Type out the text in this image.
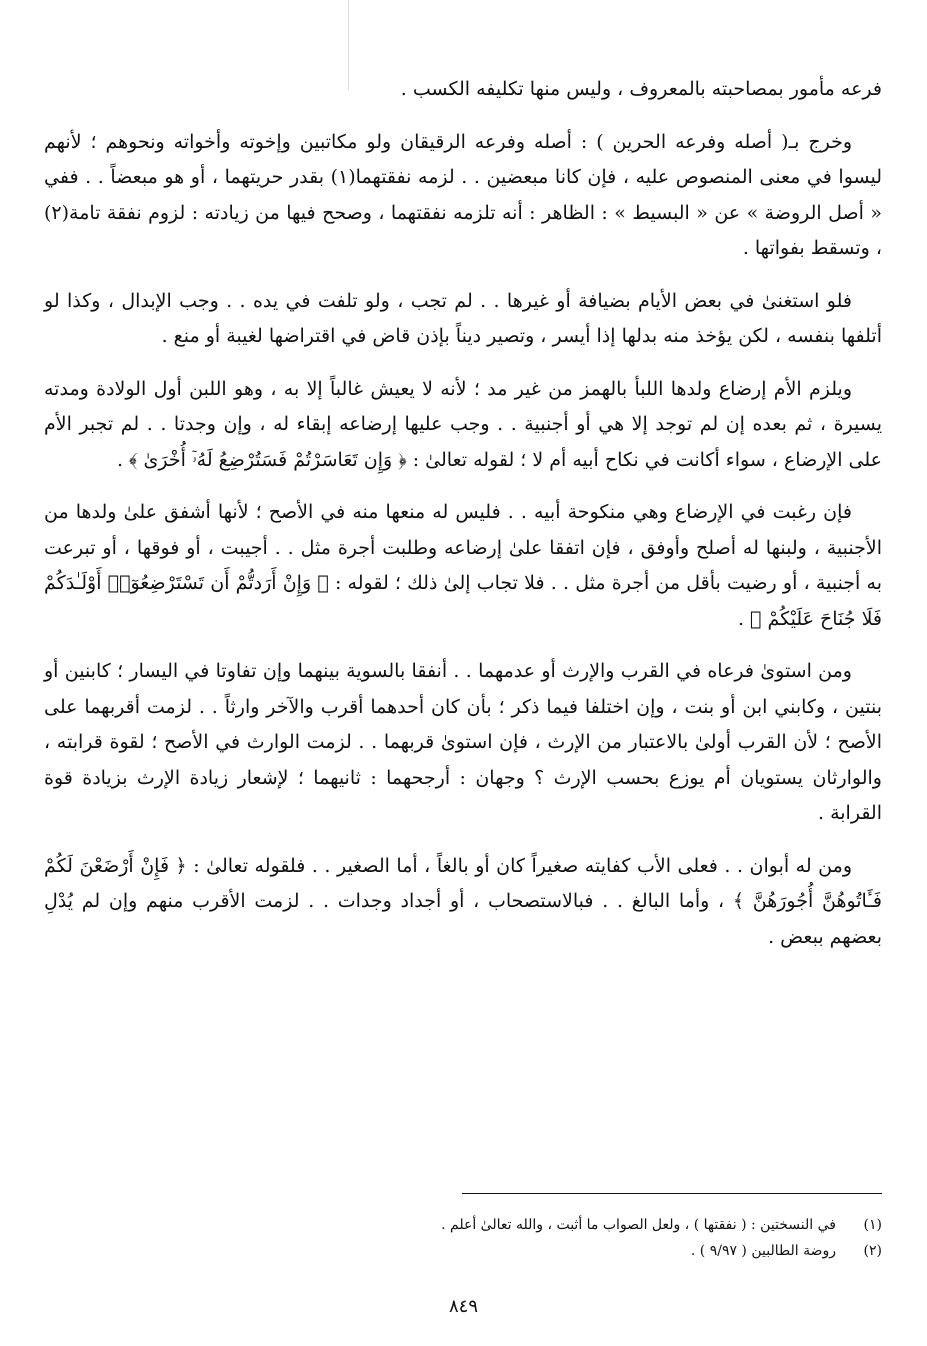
فرعه مأمور بمصاحبته بالمعروف ، وليس منها تكليفه الكسب .

وخرج بـ( أصله وفرعه الحرين ) : أصله وفرعه الرقيقان ولو مكاتبين وإخوته وأخواته ونحوهم ؛ لأنهم ليسوا في معنى المنصوص عليه ، فإن كانا مبعضين . . لزمه نفقتهما(١) بقدر حريتهما ، أو هو مبعضاً . . ففي « أصل الروضة » عن « البسيط » : الظاهر : أنه تلزمه نفقتهما ، وصحح فيها من زيادته : لزوم نفقة تامة(٢) ، وتسقط بفواتها .

فلو استغنىٰ في بعض الأيام بضيافة أو غيرها . . لم تجب ، ولو تلفت في يده . . وجب الإبدال ، وكذا لو أتلفها بنفسه ، لكن يؤخذ منه بدلها إذا أيسر ، وتصير ديناً بإذن قاض في اقتراضها لغيبة أو منع .

ويلزم الأم إرضاع ولدها اللبأ بالهمز من غير مد ؛ لأنه لا يعيش غالباً إلا به ، وهو اللبن أول الولادة ومدته يسيرة ، ثم بعده إن لم توجد إلا هي أو أجنبية . . وجب عليها إرضاعه إبقاء له ، وإن وجدتا . . لم تجبر الأم على الإرضاع ، سواء أكانت في نكاح أبيه أم لا ؛ لقوله تعالىٰ : ﴿ وَإِن تَعَاسَرْتُمْ فَسَتُرْضِعُ لَهُۥٓ أُخْرَىٰ ﴾ .

فإن رغبت في الإرضاع وهي منكوحة أبيه . . فليس له منعها منه في الأصح ؛ لأنها أشفق علىٰ ولدها من الأجنبية ، ولبنها له أصلح وأوفق ، فإن اتفقا علىٰ إرضاعه وطلبت أجرة مثل . . أجيبت ، أو فوقها ، أو تبرعت به أجنبية ، أو رضيت بأقل من أجرة مثل . . فلا تجاب إلىٰ ذلك ؛ لقوله : ﴿ وَإِنْ أَرَدتُّمْ أَن تَسْتَرْضِعُوٓا۟ أَوْلَـٰدَكُمْ فَلَا جُنَاحَ عَلَيْكُمْ ﴾ .

ومن استوىٰ فرعاه في القرب والإرث أو عدمهما . . أنفقا بالسوية بينهما وإن تفاوتا في اليسار ؛ كابنين أو بنتين ، وكابني ابن أو بنت ، وإن اختلفا فيما ذكر ؛ بأن كان أحدهما أقرب والآخر وارثاً . . لزمت أقربهما على الأصح ؛ لأن القرب أولىٰ بالاعتبار من الإرث ، فإن استوىٰ قربهما . . لزمت الوارث في الأصح ؛ لقوة قرابته ، والوارثان يستويان أم يوزع بحسب الإرث ؟ وجهان : أرجحهما : ثانيهما ؛ لإشعار زيادة الإرث بزيادة قوة القرابة .

ومن له أبوان . . فعلى الأب كفايته صغيراً كان أو بالغاً ، أما الصغير . . فلقوله تعالىٰ : ﴿ فَإِنْ أَرْضَعْنَ لَكُمْ فَـَٔاتُوهُنَّ أُجُورَهُنَّ ﴾ ، وأما البالغ . . فبالاستصحاب ، أو أجداد وجدات . . لزمت الأقرب منهم وإن لم يُدْلِ بعضهم ببعض .

(١)
في النسختين : ( نفقتها ) ، ولعل الصواب ما أثبت ، والله تعالىٰ أعلم .
(٢)
روضة الطالبين ( ٩/٩٧ ) .
٨٤٩
